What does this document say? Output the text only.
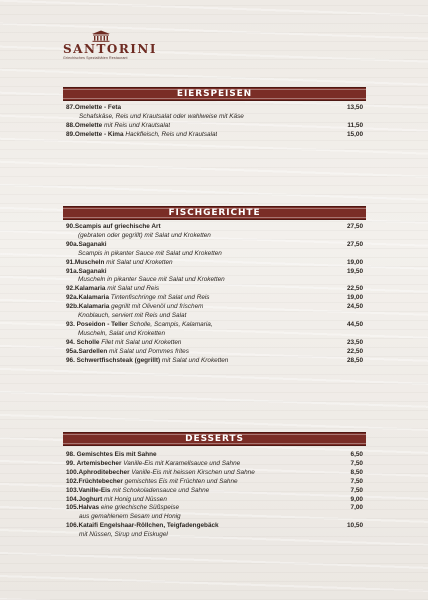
SANTORINI
Griechisches Spezialitäten Restaurant
EIERSPEISEN
87.Omelette - Feta	13,50
Schafskäse, Reis und Krautsalat oder wahlweise mit Käse
88.Omelette mit Reis und Krautsalat	11,50
89.Omelette - Kima Hackfleisch, Reis und Krautsalat	15,00
FISCHGERICHTE
90.Scampis auf griechische Art	27,50
(gebraten oder gegrillt) mit Salat und Kroketten
90a.Saganaki	27,50
Scampis in pikanter Sauce mit Salat und Kroketten
91.Muscheln mit Salat und Kroketten	19,00
91a.Saganaki	19,50
Muscheln in pikanter Sauce mit Salat und Kroketten
92.Kalamaria mit Salat und Reis	22,50
92a.Kalamaria Tintenfischringe mit Salat und Reis	19,00
92b.Kalamaria gegrillt mit Olivenöl und frischem	24,50
Knoblauch, serviert mit Reis und Salat
93. Poseidon - Teller Scholle, Scampis, Kalamaria,	44,50
Muscheln, Salat und Kroketten
94. Scholle Filet mit Salat und Kroketten	23,50
95a.Sardellen mit Salat und Pommes frites	22,50
96. Schwertfischsteak (gegrillt) mit Salat und Kroketten	28,50
DESSERTS
98. Gemischtes Eis mit Sahne	6,50
99. Artemisbecher Vanille-Eis mit Karamellsauce und Sahne	7,50
100.Aphroditebecher Vanille-Eis mit heissen Kirschen und Sahne	8,50
102.Früchtebecher gemischtes Eis mit Früchten und Sahne	7,50
103.Vanille-Eis mit Schokoladensauce und Sahne	7,50
104.Joghurt mit Honig und Nüssen	9,00
105.Halvas eine griechische Süßspeise	7,00
aus gemahlenem Sesam und Honig
106.Kataifi Engelshaar-Röllchen, Teigfadengebäck	10,50
mit Nüssen, Sirup und Eiskugel
